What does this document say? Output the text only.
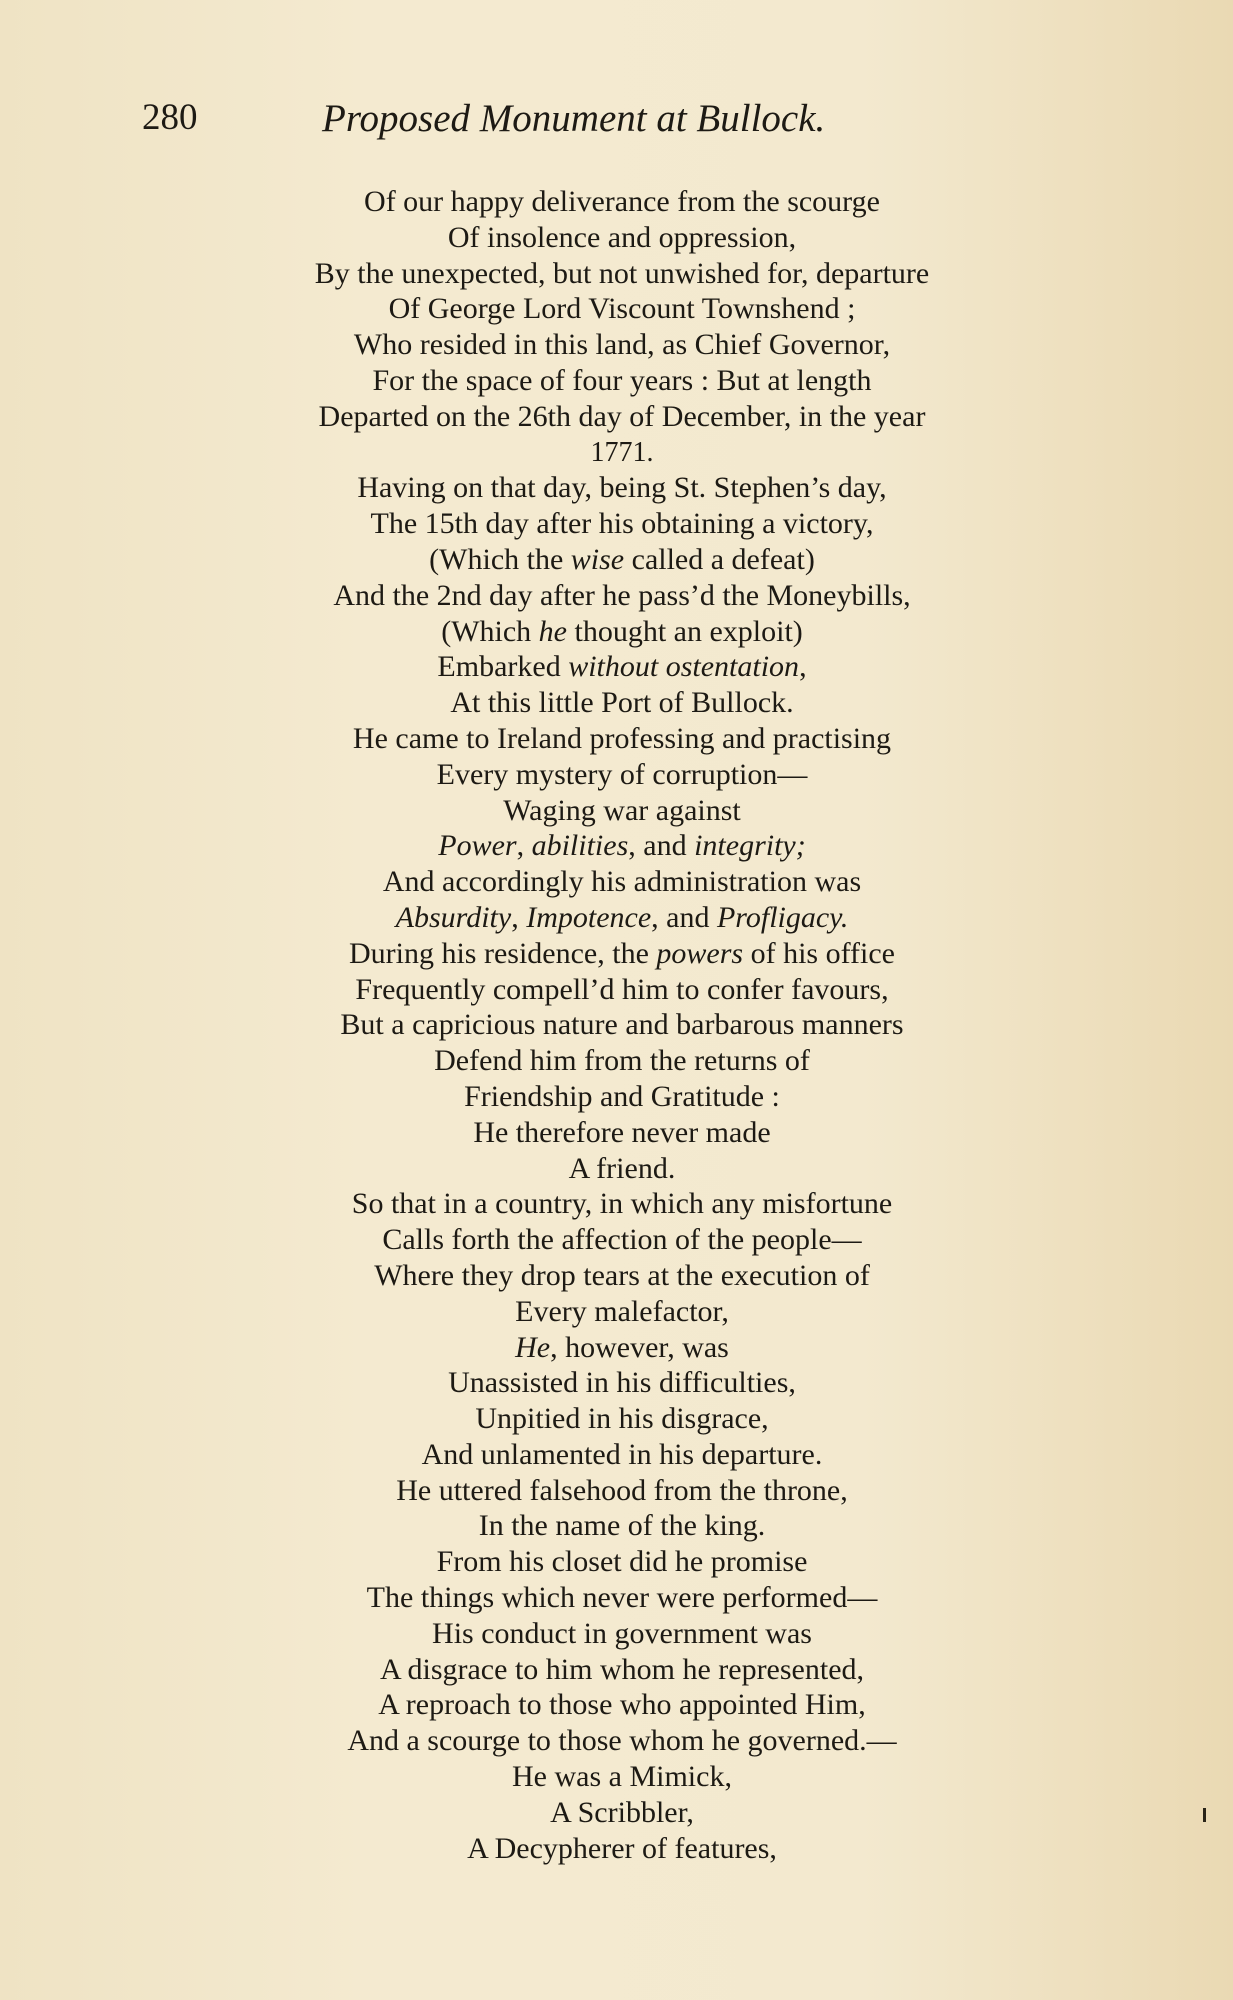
280	Proposed Monument at Bullock.
Of our happy deliverance from the scourge
Of insolence and oppression,
By the unexpected, but not unwished for, departure
Of George Lord Viscount Townshend ;
Who resided in this land, as Chief Governor,
For the space of four years : But at length
Departed on the 26th day of December, in the year
1771.
Having on that day, being St. Stephen’s day,
The 15th day after his obtaining a victory,
(Which the wise called a defeat)
And the 2nd day after he pass’d the Moneybills,
(Which he thought an exploit)
Embarked without ostentation,
At this little Port of Bullock.
He came to Ireland professing and practising
Every mystery of corruption—
Waging war against
Power, abilities, and integrity;
And accordingly his administration was
Absurdity, Impotence, and Profligacy.
During his residence, the powers of his office
Frequently compell’d him to confer favours,
But a capricious nature and barbarous manners
Defend him from the returns of
Friendship and Gratitude :
He therefore never made
A friend.
So that in a country, in which any misfortune
Calls forth the affection of the people—
Where they drop tears at the execution of
Every malefactor,
He, however, was
Unassisted in his difficulties,
Unpitied in his disgrace,
And unlamented in his departure.
He uttered falsehood from the throne,
In the name of the king.
From his closet did he promise
The things which never were performed—
His conduct in government was
A disgrace to him whom he represented,
A reproach to those who appointed Him,
And a scourge to those whom he governed.—
He was a Mimick,
A Scribbler,
A Decypherer of features,
